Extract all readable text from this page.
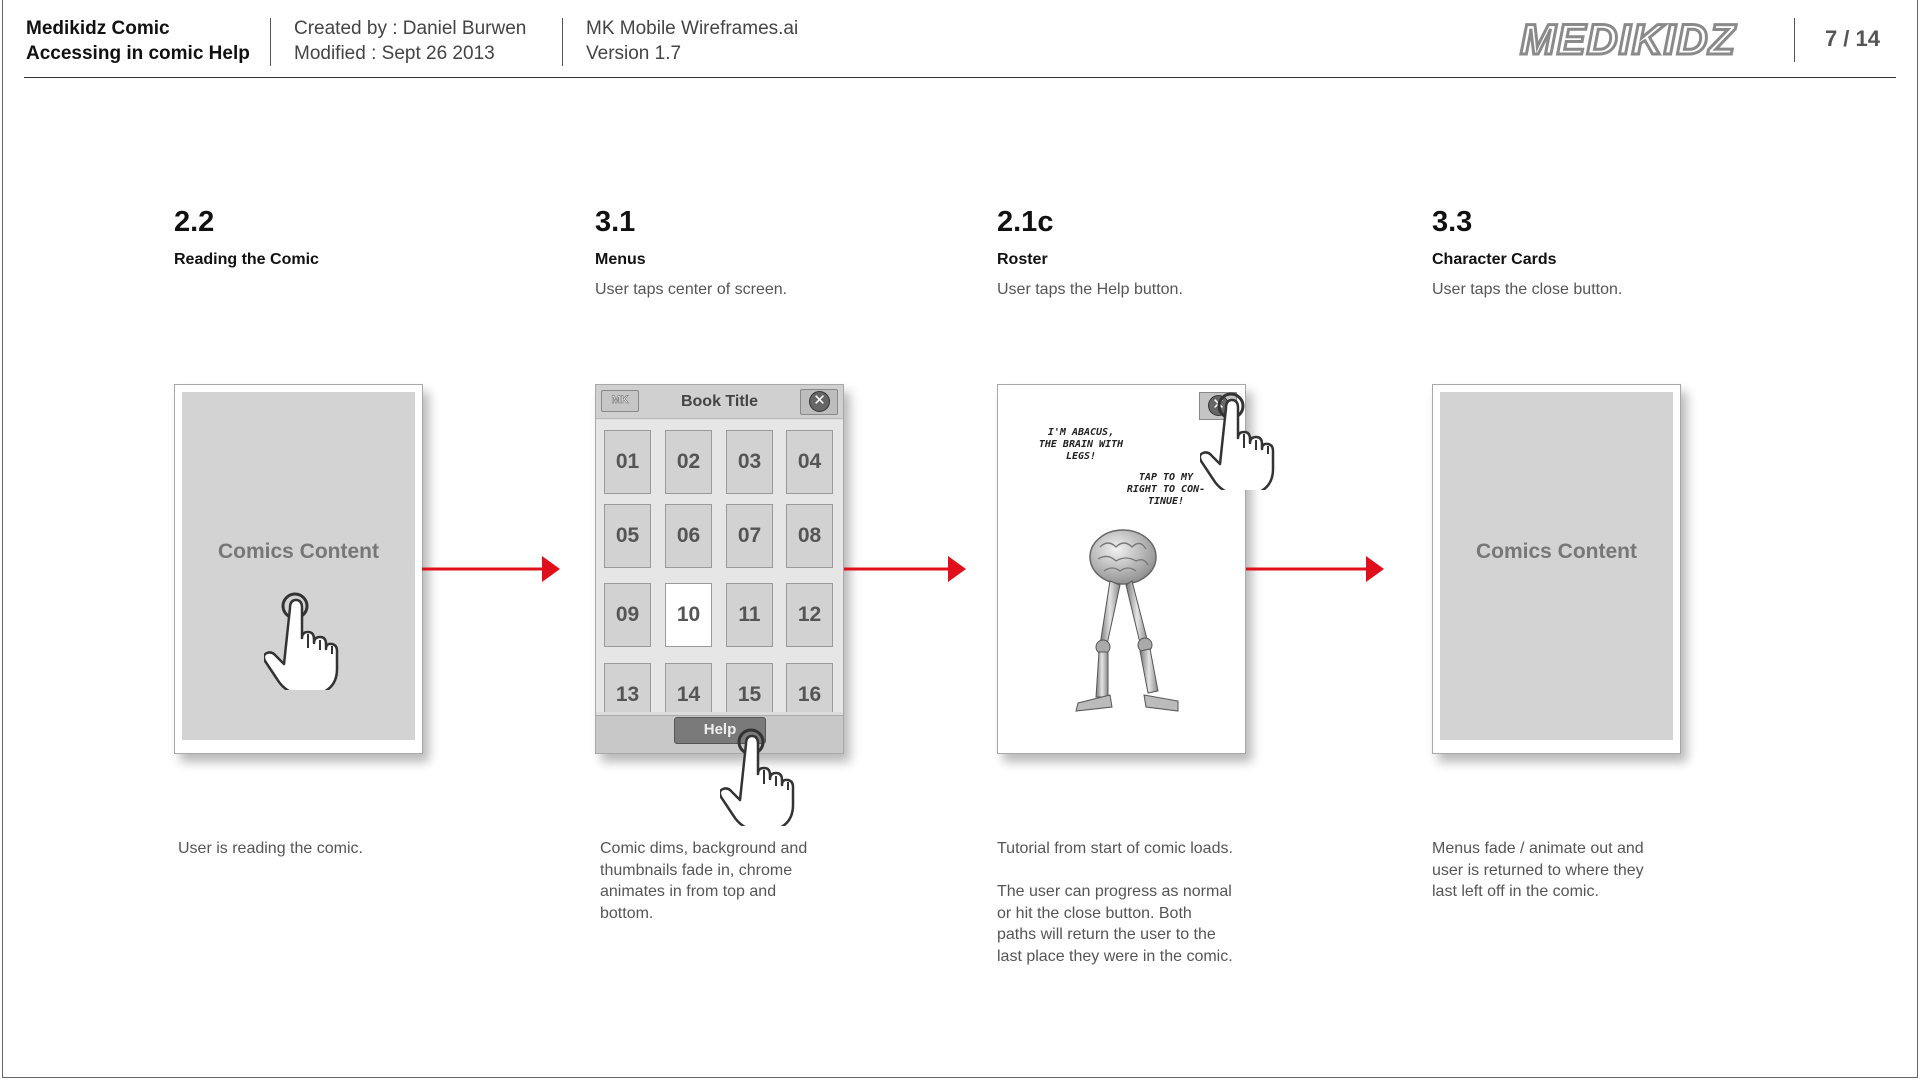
Medikidz Comic
Accessing in comic Help
Created by : Daniel Burwen
Modified : Sept 26 2013
MK Mobile Wireframes.ai
Version 1.7	MEDIKIDZ	7 / 14
2.2
Reading the Comic
3.1
Menus
User taps center of screen.
2.1c
Roster
User taps the Help button.
3.3
Character Cards
User taps the close button.
Comics Content
MK	Book Title	✕
01	02	03	04
05	06	07	08
09	10	11	12
13	14	15	16
Help
✕
I'M ABACUS,
THE BRAIN WITH
LEGS!
TAP TO MY
RIGHT TO CON-
TINUE!
Comics Content
User is reading the comic.	Comic dims, background and
thumbnails fade in, chrome
animates in from top and
bottom.
Tutorial from start of comic loads.

The user can progress as normal
or hit the close button. Both
paths will return the user to the
last place they were in the comic.
Menus fade / animate out and
user is returned to where they
last left off in the comic.
